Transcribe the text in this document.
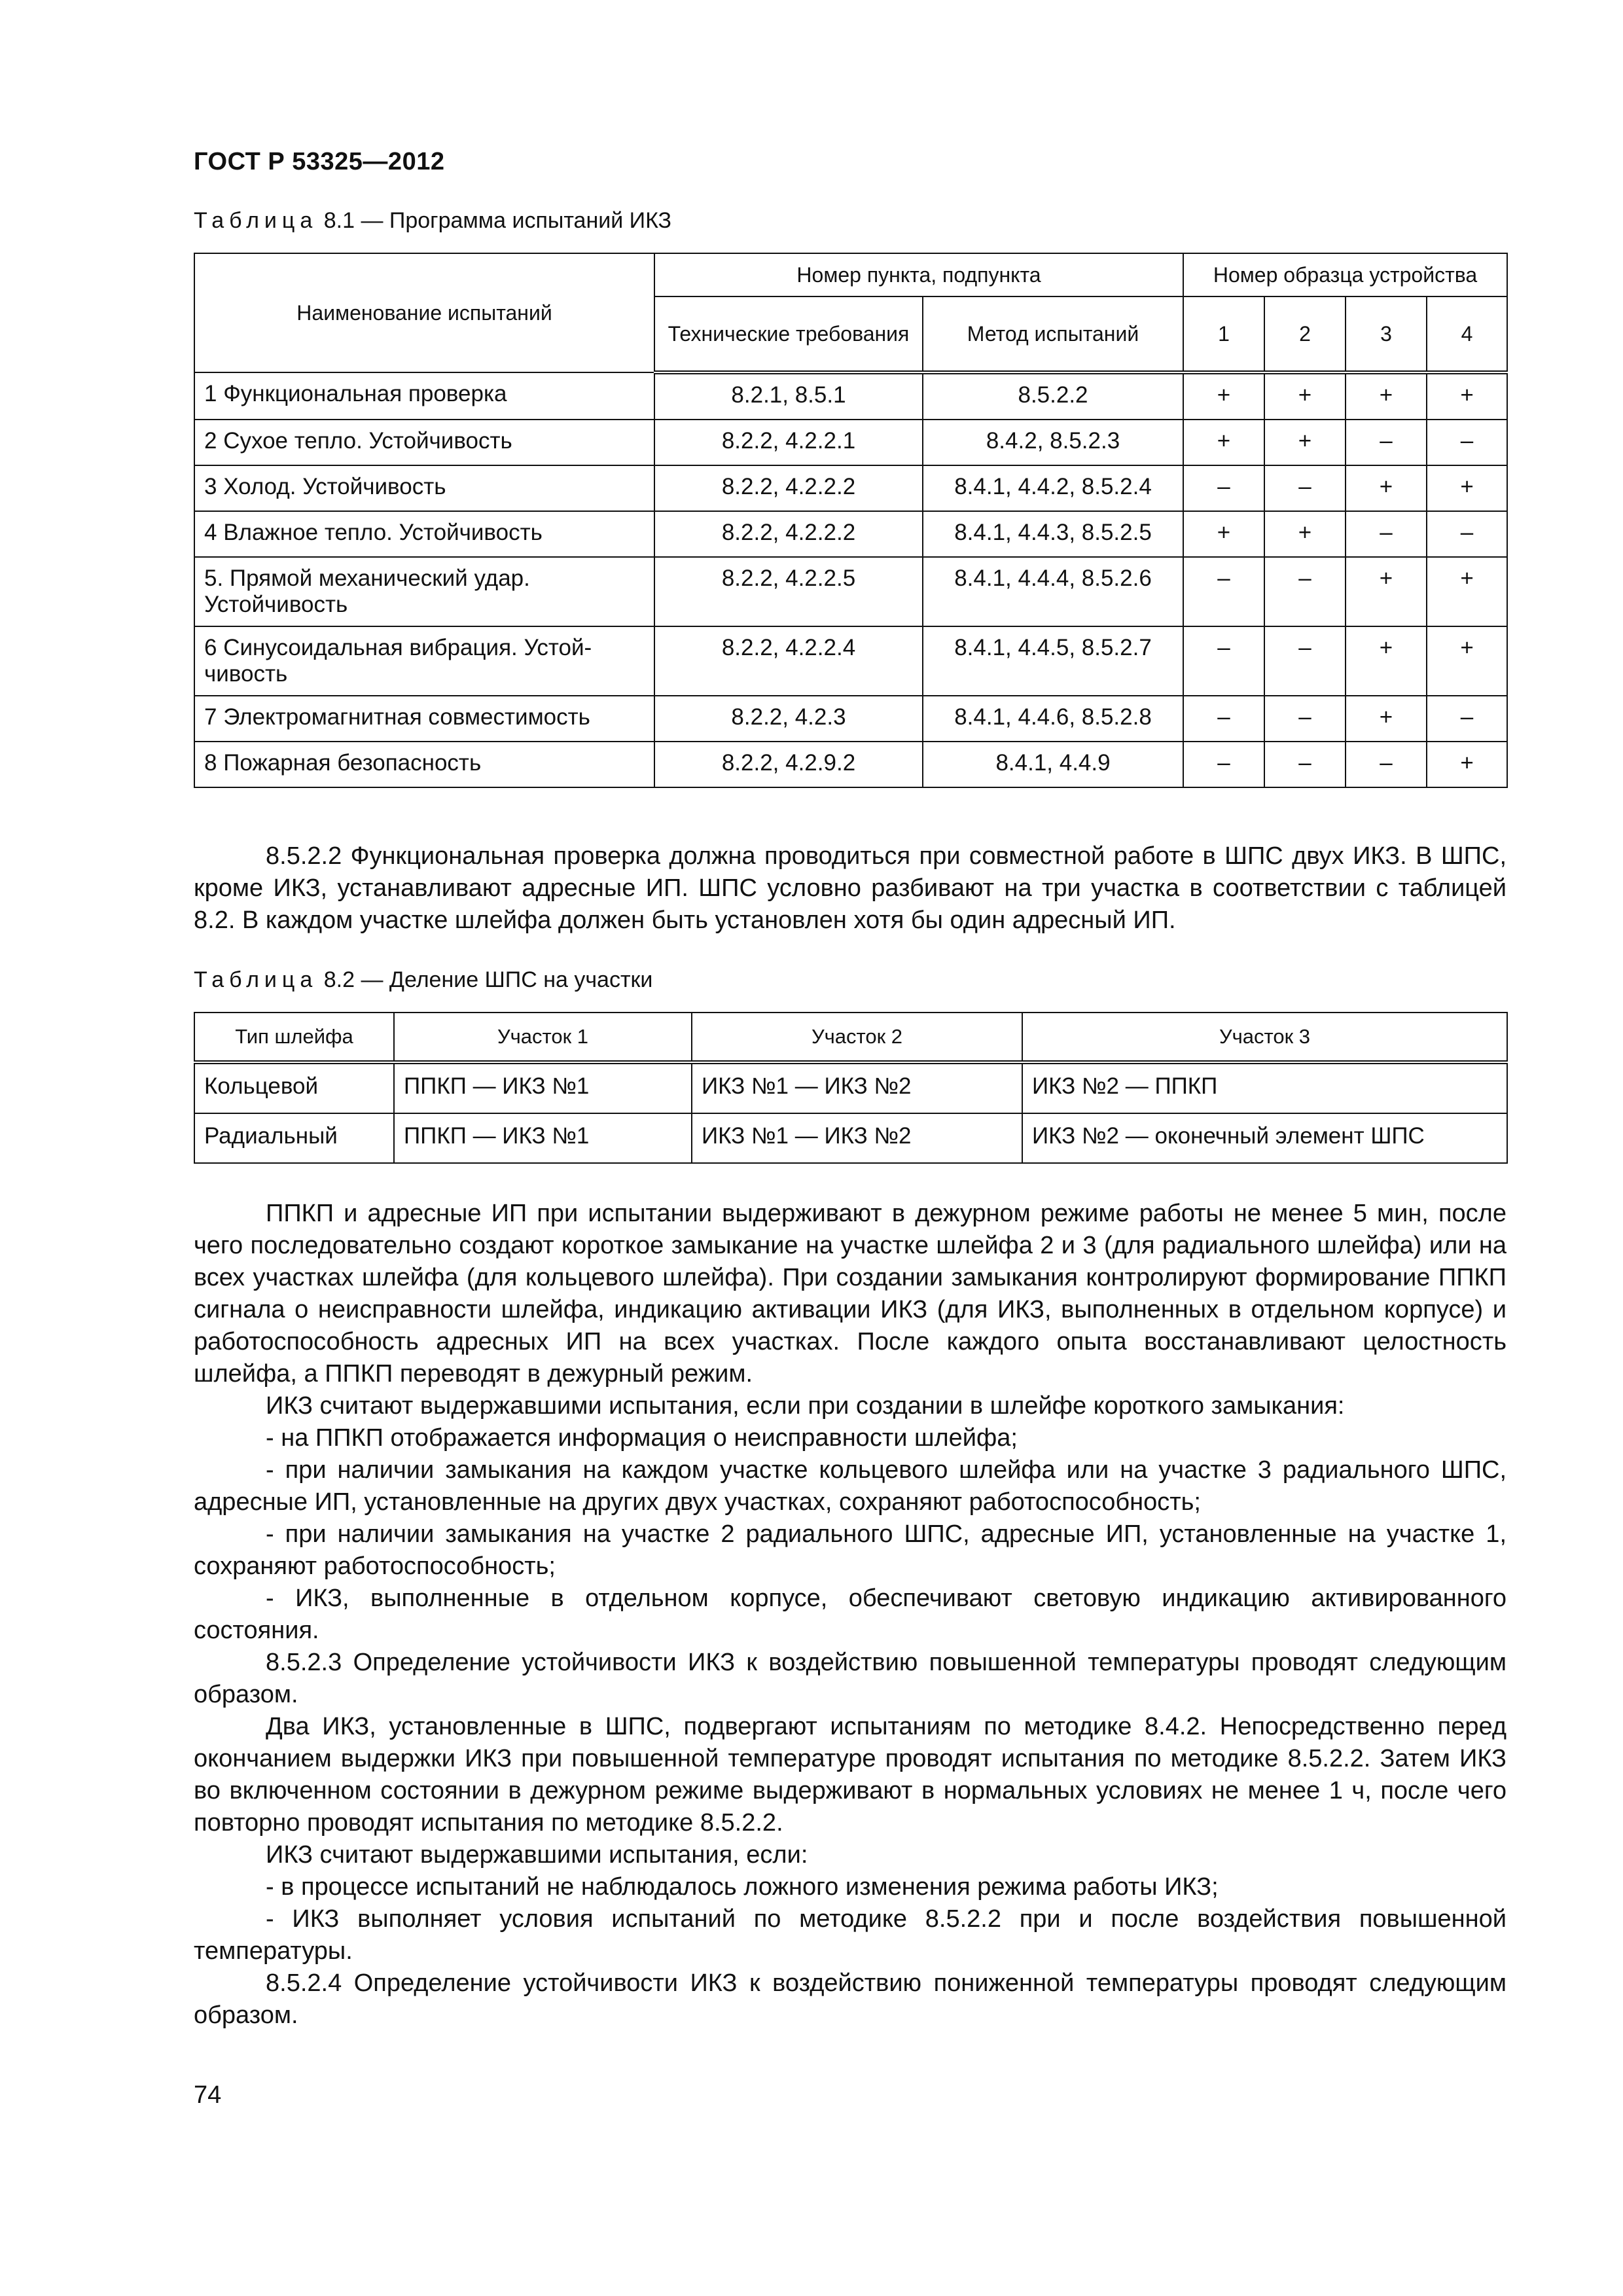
ГОСТ Р 53325—2012
Таблица 8.1 — Программа испытаний ИКЗ
Наименование испытаний	Номер пункта, подпункта		Номер образца устройства			
	Технические требования	Метод испытаний	1	2	3	4
1 Функциональная проверка	8.2.1, 8.5.1	8.5.2.2	+	+	+	+
2 Сухое тепло. Устойчивость	8.2.2, 4.2.2.1	8.4.2, 8.5.2.3	+	+	–	–
3 Холод. Устойчивость	8.2.2, 4.2.2.2	8.4.1, 4.4.2, 8.5.2.4	–	–	+	+
4 Влажное тепло. Устойчивость	8.2.2, 4.2.2.2	8.4.1, 4.4.3, 8.5.2.5	+	+	–	–
5. Прямой механический удар. Устойчивость	8.2.2, 4.2.2.5	8.4.1, 4.4.4, 8.5.2.6	–	–	+	+
6 Синусоидальная вибрация. Устой-чивость	8.2.2, 4.2.2.4	8.4.1, 4.4.5, 8.5.2.7	–	–	+	+
7 Электромагнитная совместимость	8.2.2, 4.2.3	8.4.1, 4.4.6, 8.5.2.8	–	–	+	–
8 Пожарная безопасность	8.2.2, 4.2.9.2	8.4.1, 4.4.9	–	–	–	+

8.5.2.2 Функциональная проверка должна проводиться при совместной работе в ШПС двух ИКЗ. В ШПС, кроме ИКЗ, устанавливают адресные ИП. ШПС условно разбивают на три участка в соответствии с таблицей 8.2. В каждом участке шлейфа должен быть установлен хотя бы один адресный ИП.

Таблица 8.2 — Деление ШПС на участки
Тип шлейфа	Участок 1	Участок 2	Участок 3
Кольцевой	ППКП — ИКЗ №1	ИКЗ №1 — ИКЗ №2	ИКЗ №2 — ППКП
Радиальный	ППКП — ИКЗ №1	ИКЗ №1 — ИКЗ №2	ИКЗ №2 — оконечный элемент ШПС

ППКП и адресные ИП при испытании выдерживают в дежурном режиме работы не менее 5 мин, после чего последовательно создают короткое замыкание на участке шлейфа 2 и 3 (для радиального шлейфа) или на всех участках шлейфа (для кольцевого шлейфа). При создании замыкания контролируют формирование ППКП сигнала о неисправности шлейфа, индикацию активации ИКЗ (для ИКЗ, выполненных в отдельном корпусе) и работоспособность адресных ИП на всех участках. После каждого опыта восстанавливают целостность шлейфа, а ППКП переводят в дежурный режим.

ИКЗ считают выдержавшими испытания, если при создании в шлейфе короткого замыкания:

- на ППКП отображается информация о неисправности шлейфа;

- при наличии замыкания на каждом участке кольцевого шлейфа или на участке 3 радиального ШПС, адресные ИП, установленные на других двух участках, сохраняют работоспособность;

- при наличии замыкания на участке 2 радиального ШПС, адресные ИП, установленные на участке 1, сохраняют работоспособность;

- ИКЗ, выполненные в отдельном корпусе, обеспечивают световую индикацию активированного состояния.

8.5.2.3 Определение устойчивости ИКЗ к воздействию повышенной температуры проводят следующим образом.

Два ИКЗ, установленные в ШПС, подвергают испытаниям по методике 8.4.2. Непосредственно перед окончанием выдержки ИКЗ при повышенной температуре проводят испытания по методике 8.5.2.2. Затем ИКЗ во включенном состоянии в дежурном режиме выдерживают в нормальных условиях не менее 1 ч, после чего повторно проводят испытания по методике 8.5.2.2.

ИКЗ считают выдержавшими испытания, если:

- в процессе испытаний не наблюдалось ложного изменения режима работы ИКЗ;

- ИКЗ выполняет условия испытаний по методике 8.5.2.2 при и после воздействия повышенной температуры.

8.5.2.4 Определение устойчивости ИКЗ к воздействию пониженной температуры проводят следующим образом.

74
